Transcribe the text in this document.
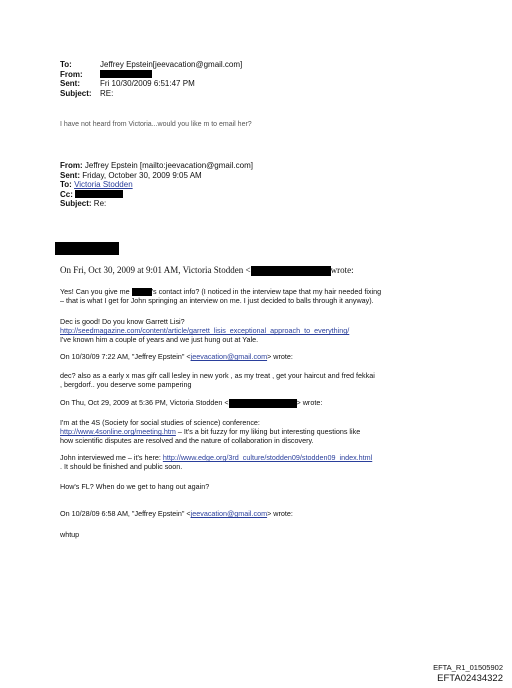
To:	Jeffrey Epstein[jeevacation@gmail.com]
From:
Sent:	Fri 10/30/2009 6:51:47 PM
Subject: RE:
I have not heard from Victoria...would you like m to email her?
From: Jeffrey Epstein [mailto:jeevacation@gmail.com]
Sent: Friday, October 30, 2009 9:05 AM
To: Victoria Stodden
Cc:
Subject: Re:
On Fri, Oct 30, 2009 at 9:01 AM, Victoria Stodden <	wrote:
Yes! Can you give me	's contact info? (I noticed in the interview tape that my hair needed fixing
– that is what I get for John springing an interview on me. I just decided to balls through it anyway).
Dec is good! Do you know Garrett Lisi?
http://seedmagazine.com/content/article/garrett_lisis_exceptional_approach_to_everything/
I've known him a couple of years and we just hung out at Yale.
On 10/30/09 7:22 AM, "Jeffrey Epstein" <jeevacation@gmail.com> wrote:
dec? also as a early x mas gifr call lesley in new york , as my treat , get your haircut and fred fekkai
, bergdorf.. you deserve some pampering
On Thu, Oct 29, 2009 at 5:36 PM, Victoria Stodden <	> wrote:
I'm at the 4S (Society for social studies of science) conference:
http://www.4sonline.org/meeting.htm – It's a bit fuzzy for my liking but interesting questions like
how scientific disputes are resolved and the nature of collaboration in discovery.
John interviewed me – it's here: http://www.edge.org/3rd_culture/stodden09/stodden09_index.html
. It should be finished and public soon.
How's FL? When do we get to hang out again?
On 10/28/09 6:58 AM, "Jeffrey Epstein" <jeevacation@gmail.com> wrote:
whtup
EFTA_R1_01505902
EFTA02434322
